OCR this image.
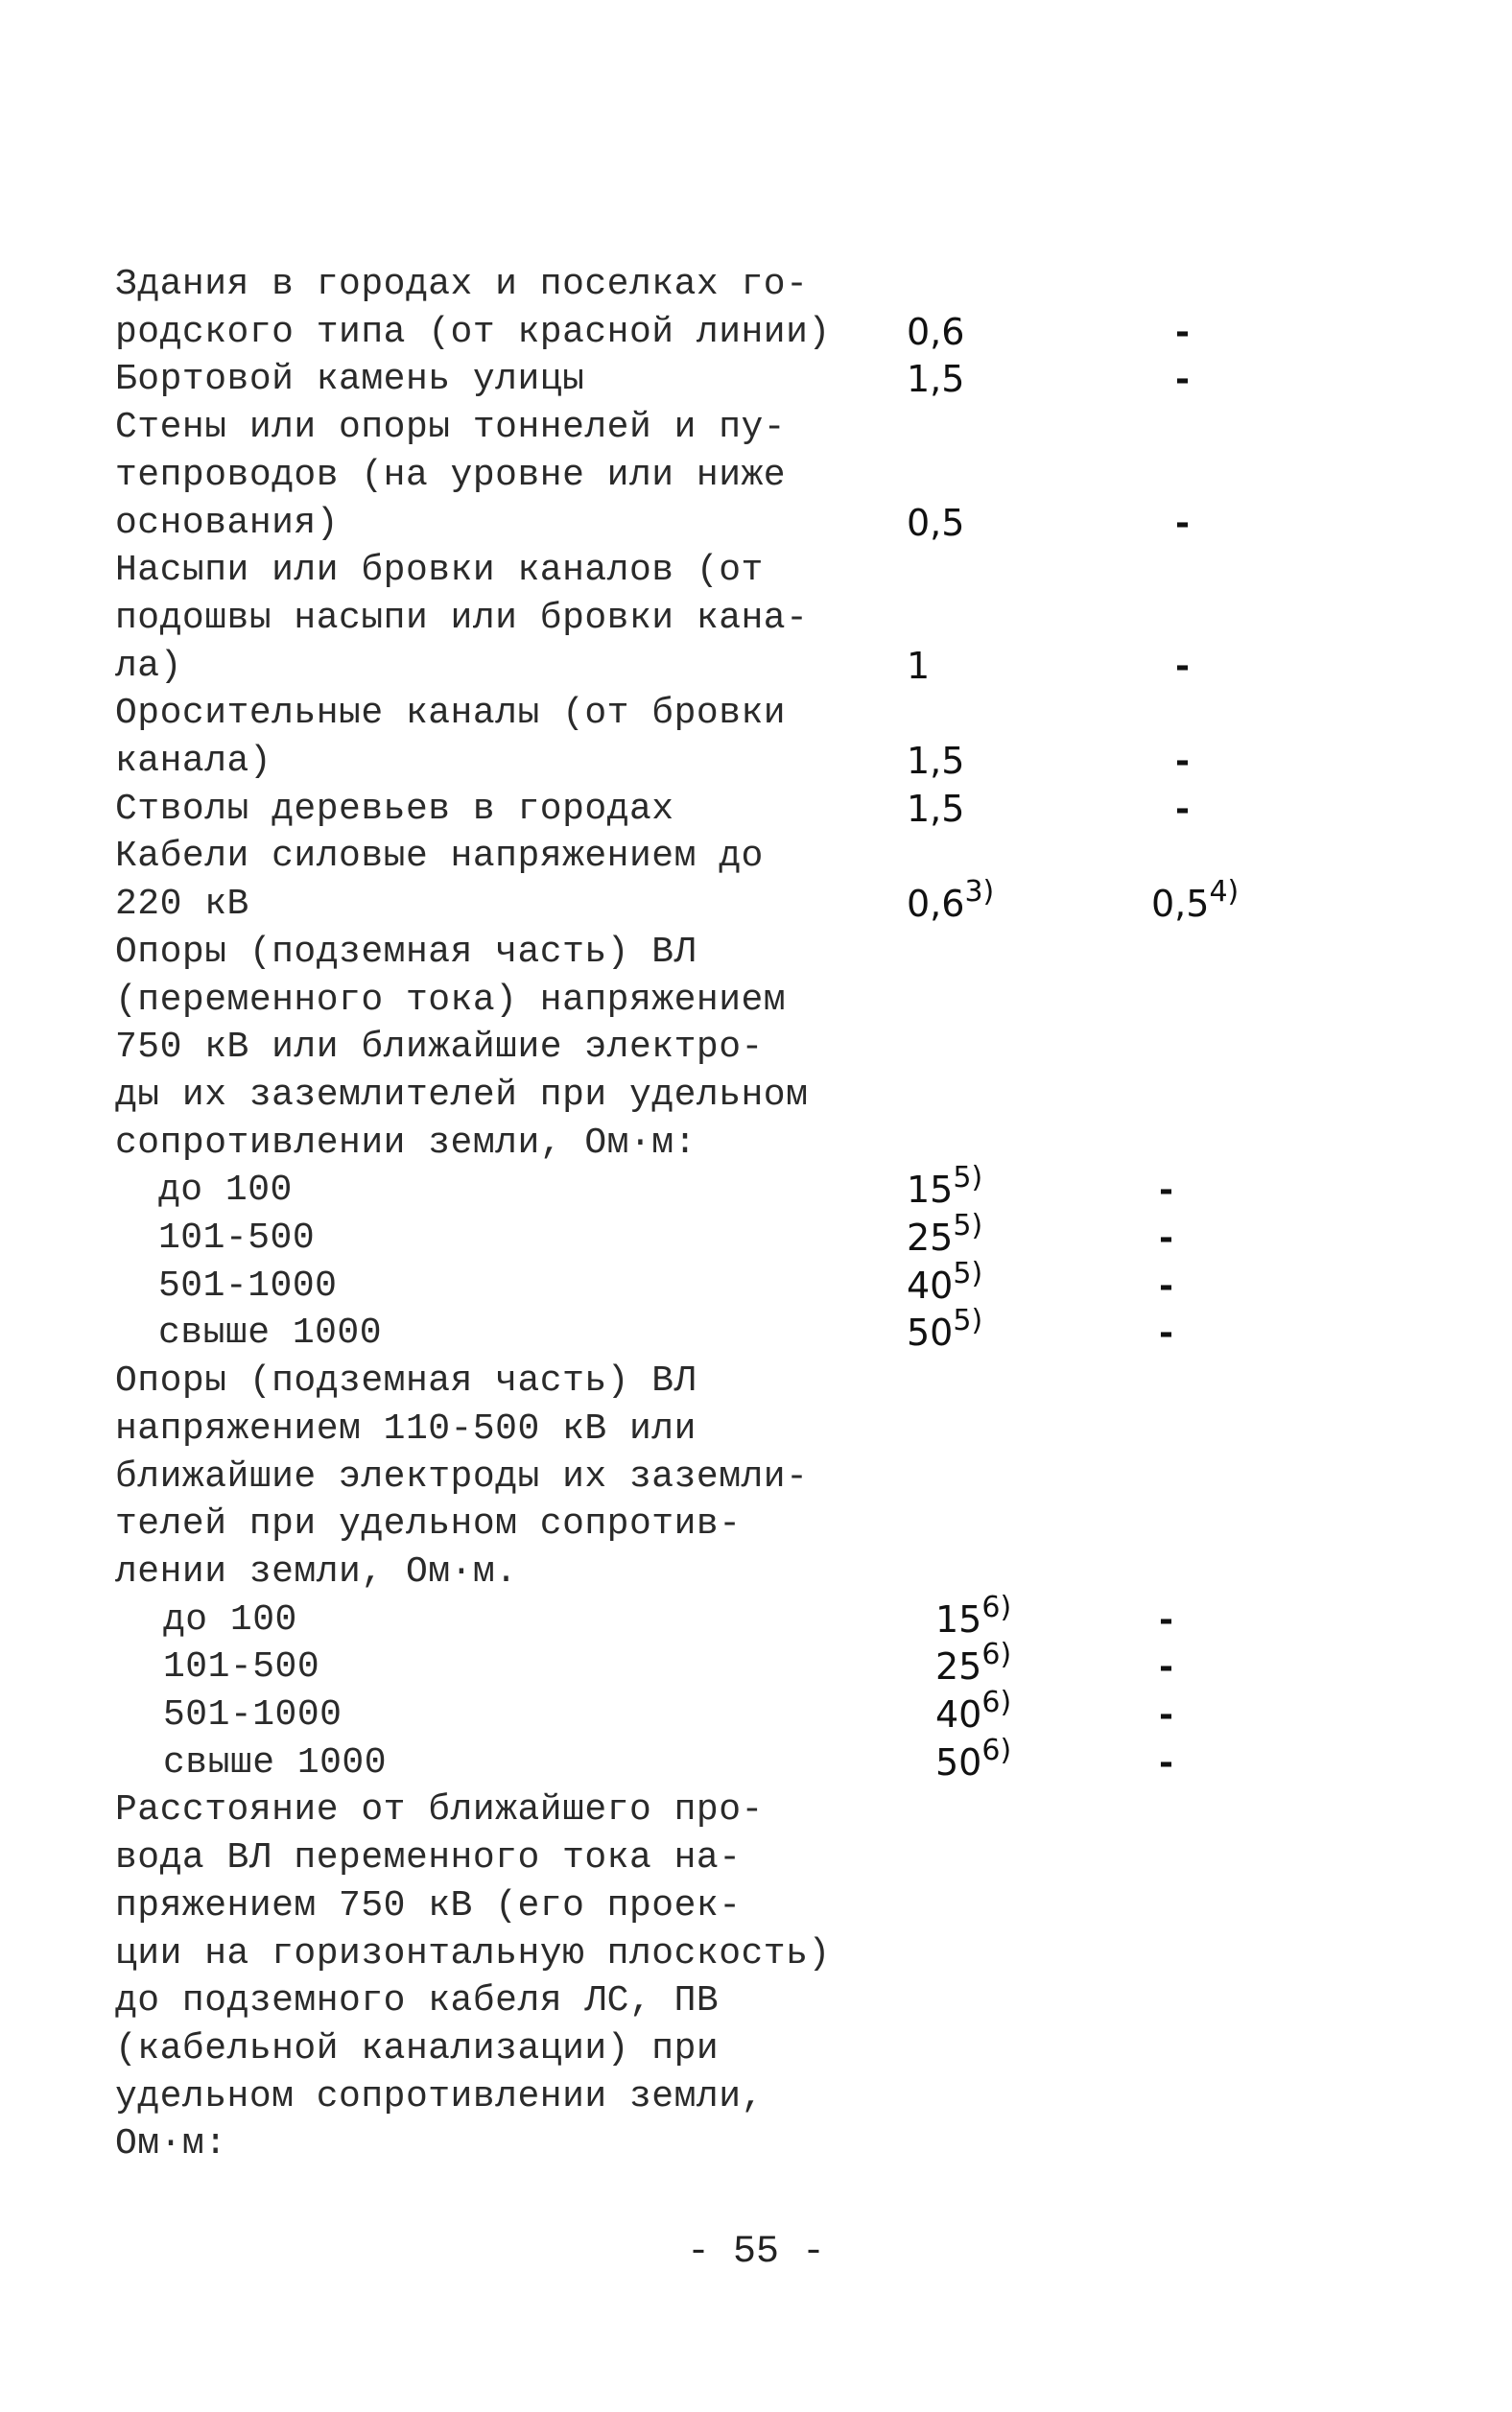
Здания в городах и поселках го-
родского типа (от красной линии) 0,6	-
Бортовой камень улицы	1,5	-
Стены или опоры тоннелей и пу-
тепроводов (на уровне или ниже
основания)	0,5	-
Насыпи или бровки каналов (от
подошвы насыпи или бровки кана-
ла)	1	-
Оросительные каналы (от бровки
канала)	1,5	-
Стволы деревьев в городах	1,5	-
Кабели силовые напряжением до
220 кВ	0,6$^{3)}$	0,5$^{4)}$
Опоры (подземная часть) ВЛ
(переменного тока) напряжением
750 кВ или ближайшие электро-
ды их заземлителей при удельном
сопротивлении земли, Ом·м:
до 100	15$^{5)}$	-
101-500	25$^{5)}$	-
501-1000	40$^{5)}$	-
свыше 1000	50$^{5)}$	-
Опоры (подземная часть) ВЛ
напряжением 110-500 кВ или
ближайшие электроды их заземли-
телей при удельном сопротив-
лении земли, Ом·м.
до 100	15$^{6)}$	-
101-500	25$^{6)}$	-
501-1000	40$^{6)}$	-
свыше 1000	50$^{6)}$	-
Расстояние от ближайшего про-
вода ВЛ переменного тока на-
пряжением 750 кВ (его проек-
ции на горизонтальную плоскость)
до подземного кабеля ЛС, ПВ
(кабельной канализации) при
удельном сопротивлении земли,
Ом·м:
- 55 -
